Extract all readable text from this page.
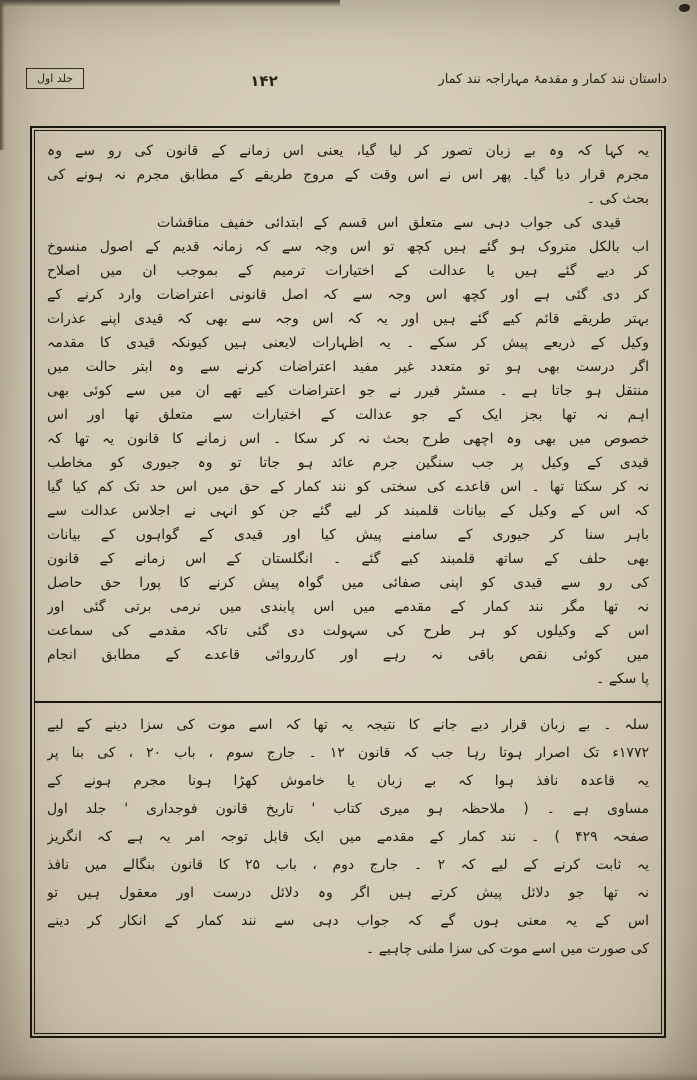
داستان نند کمار و مقدمۂ مہاراجہ نند کمار
۱۴۲
جلد اول
یہ کہا کہ وہ بے زبان تصور کر لیا گیا، یعنی اس زمانے کے قانون کی رو سے وہ
مجرم قرار دیا گیا۔ پھر اس نے اس وقت کے مروج طریقے کے مطابق مجرم نہ ہونے کی
بحث کی ۔
قیدی کی جواب دہی سے متعلق اس قسم کے ابتدائی خفیف مناقشات
اب بالکل متروک ہو گئے ہیں کچھ تو اس وجہ سے کہ زمانہ قدیم کے اصول منسوخ
کر دیے گئے ہیں یا عدالت کے اختیارات ترمیم کے بموجب ان میں اصلاح
کر دی گئی ہے اور کچھ اس وجہ سے کہ اصل قانونی اعتراضات وارد کرنے کے
بہتر طریقے قائم کیے گئے ہیں اور یہ کہ اس وجہ سے بھی کہ قیدی اپنے عذرات
وکیل کے ذریعے پیش کر سکے ۔ یہ اظہارات لایعنی ہیں کیونکہ قیدی کا مقدمہ
اگر درست بھی ہو تو متعدد غیر مفید اعتراضات کرنے سے وہ ابتر حالت میں
منتقل ہو جاتا ہے ۔ مسٹر فیرر نے جو اعتراضات کیے تھے ان میں سے کوئی بھی
اہم نہ تھا بجز ایک کے جو عدالت کے اختیارات سے متعلق تھا اور اس
خصوص میں بھی وہ اچھی طرح بحث نہ کر سکا ۔ اس زمانے کا قانون یہ تھا کہ
قیدی کے وکیل پر جب سنگین جرم عائد ہو جاتا تو وہ جیوری کو مخاطب
نہ کر سکتا تھا ۔ اس قاعدے کی سختی کو نند کمار کے حق میں اس حد تک کم کیا گیا
کہ اس کے وکیل کے بیانات قلمبند کر لیے گئے جن کو انہی نے اجلاس عدالت سے
باہر سنا کر جیوری کے سامنے پیش کیا اور قیدی کے گواہوں کے بیانات
بھی حلف کے ساتھ قلمبند کیے گئے ۔ انگلستان کے اس زمانے کے قانون
کی رو سے قیدی کو اپنی صفائی میں گواہ پیش کرنے کا پورا حق حاصل
نہ تھا مگر نند کمار کے مقدمے میں اس پابندی میں نرمی برتی گئی اور
اس کے وکیلوں کو ہر طرح کی سہولت دی گئی تاکہ مقدمے کی سماعت
میں کوئی نقص باقی نہ رہے اور کارروائی قاعدے کے مطابق انجام
پا سکے ۔
سلہ ۔ بے زبان قرار دیے جانے کا نتیجہ یہ تھا کہ اسے موت کی سزا دینے کے لیے
۱۷۷۲ء تک اصرار ہوتا رہا جب کہ قانون ۱۲ ۔ جارج سوم ، باب ۲۰ ، کی بنا پر
یہ قاعدہ نافذ ہوا کہ بے زبان یا خاموش کھڑا ہونا مجرم ہونے کے
مساوی ہے ۔ ( ملاحظہ ہو میری کتاب ' تاریخ قانون فوجداری ' جلد اول
صفحہ ۴۲۹ ) ۔ نند کمار کے مقدمے میں ایک قابل توجہ امر یہ ہے کہ انگریز
یہ ثابت کرنے کے لیے کہ ۲ ۔ جارج دوم ، باب ۲۵ کا قانون بنگالے میں نافذ
نہ تھا جو دلائل پیش کرتے ہیں اگر وہ دلائل درست اور معقول ہیں تو
اس کے یہ معنی ہوں گے کہ جواب دہی سے نند کمار کے انکار کر دینے
کی صورت میں اسے موت کی سزا ملنی چاہیے ۔
